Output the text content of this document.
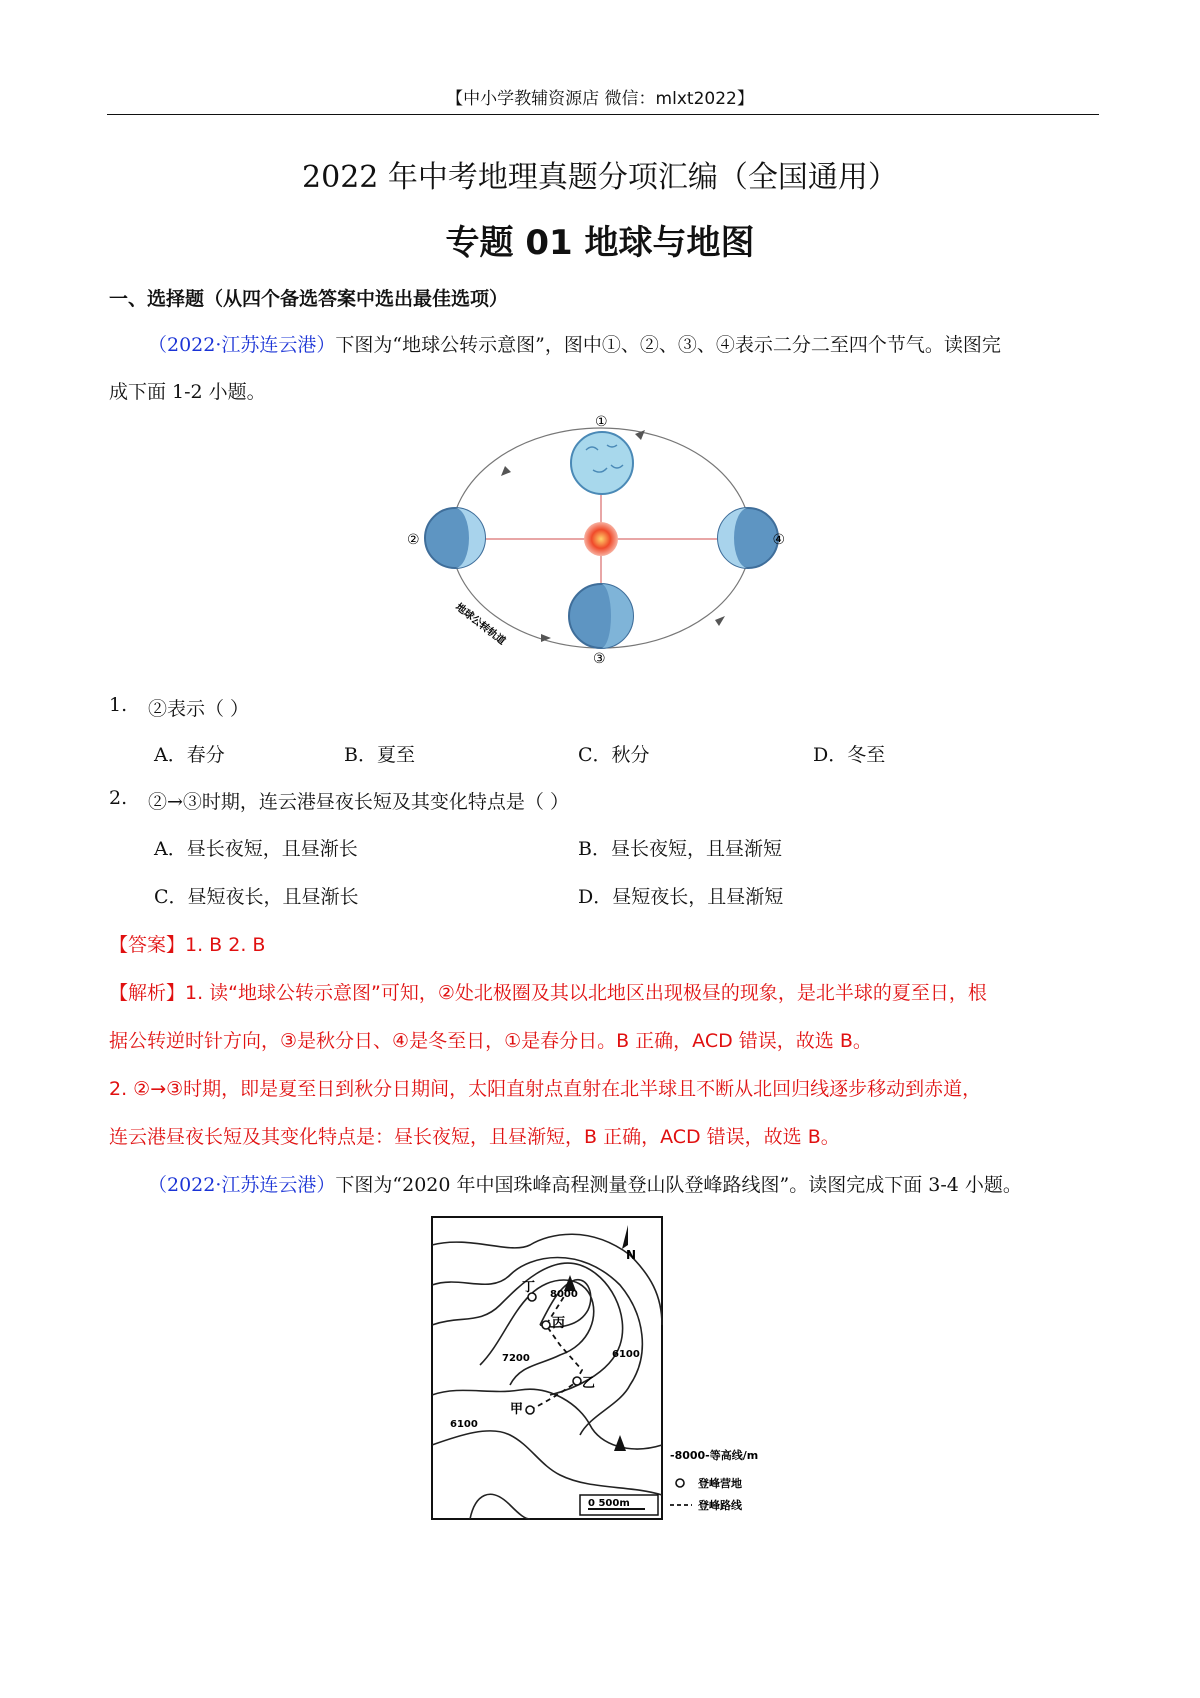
【中小学教辅资源店 微信：mlxt2022】
2022 年中考地理真题分项汇编（全国通用）
专题 01 地球与地图
一、选择题（从四个备选答案中选出最佳选项）
（2022·江苏连云港）下图为“地球公转示意图”，图中①、②、③、④表示二分二至四个节气。读图完
成下面 1-2 小题。
①
②
③
④
地球公转轨道
1. ②表示（ ）
A．春分	B．夏至	C．秋分	D．冬至
2. ②→③时期，连云港昼夜长短及其变化特点是（ ）
A．昼长夜短，且昼渐长	B．昼长夜短，且昼渐短
C．昼短夜长，且昼渐长	D．昼短夜长，且昼渐短
【答案】1. B 2. B
【解析】1. 读“地球公转示意图”可知，②处北极圈及其以北地区出现极昼的现象，是北半球的夏至日，根
据公转逆时针方向，③是秋分日、④是冬至日，①是春分日。B 正确，ACD 错误，故选 B。
2. ②→③时期，即是夏至日到秋分日期间，太阳直射点直射在北半球且不断从北回归线逐步移动到赤道，
连云港昼夜长短及其变化特点是：昼长夜短，且昼渐短，B 正确，ACD 错误，故选 B。
（2022·江苏连云港）下图为“2020 年中国珠峰高程测量登山队登峰路线图”。读图完成下面 3-4 小题。
丁
丙
乙
甲
8000
7200	6100
6100
N
0 500m
-8000-等高线/m
登峰营地
登峰路线
